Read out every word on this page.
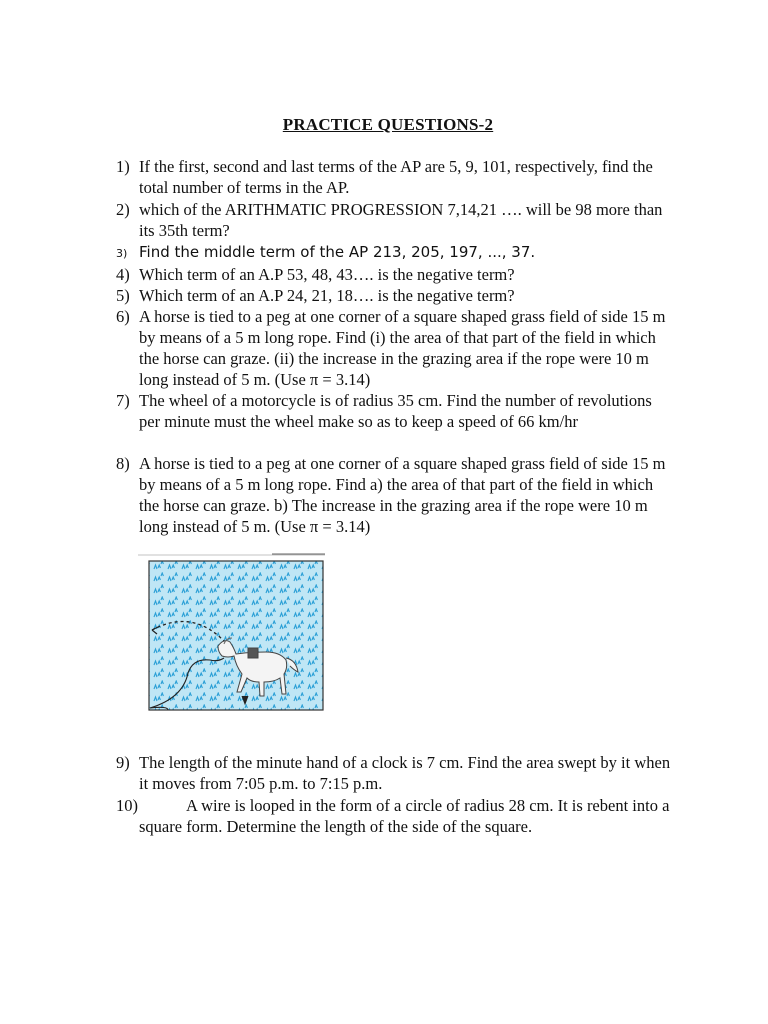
PRACTICE QUESTIONS-2
1) If the first, second and last terms of the AP are 5, 9, 101, respectively, find the total number of terms in the AP.
2) which of the ARITHMATIC PROGRESSION 7,14,21 …. will be 98 more than its 35th term?
3) Find the middle term of the AP 213, 205, 197, ..., 37.
4) Which term of an A.P 53, 48, 43…. is the negative term?
5) Which term of an A.P 24, 21, 18…. is the negative term?
6) A horse is tied to a peg at one corner of a square shaped grass field of side 15 m by means of a 5 m long rope. Find (i) the area of that part of the field in which the horse can graze. (ii) the increase in the grazing area if the rope were 10 m long instead of 5 m. (Use π = 3.14)
7) The wheel of a motorcycle is of radius 35 cm. Find the number of revolutions per minute must the wheel make so as to keep a speed of 66 km/hr
8) A horse is tied to a peg at one corner of a square shaped grass field of side 15 m by means of a 5 m long rope. Find a) the area of that part of the field in which the horse can graze. b) The increase in the grazing area if the rope were 10 m long instead of 5 m. (Use π = 3.14)
9) The length of the minute hand of a clock is 7 cm. Find the area swept by it when it moves from 7:05 p.m. to 7:15 p.m.
10)	A wire is looped in the form of a circle of radius 28 cm. It is rebent into a square form. Determine the length of the side of the square.
